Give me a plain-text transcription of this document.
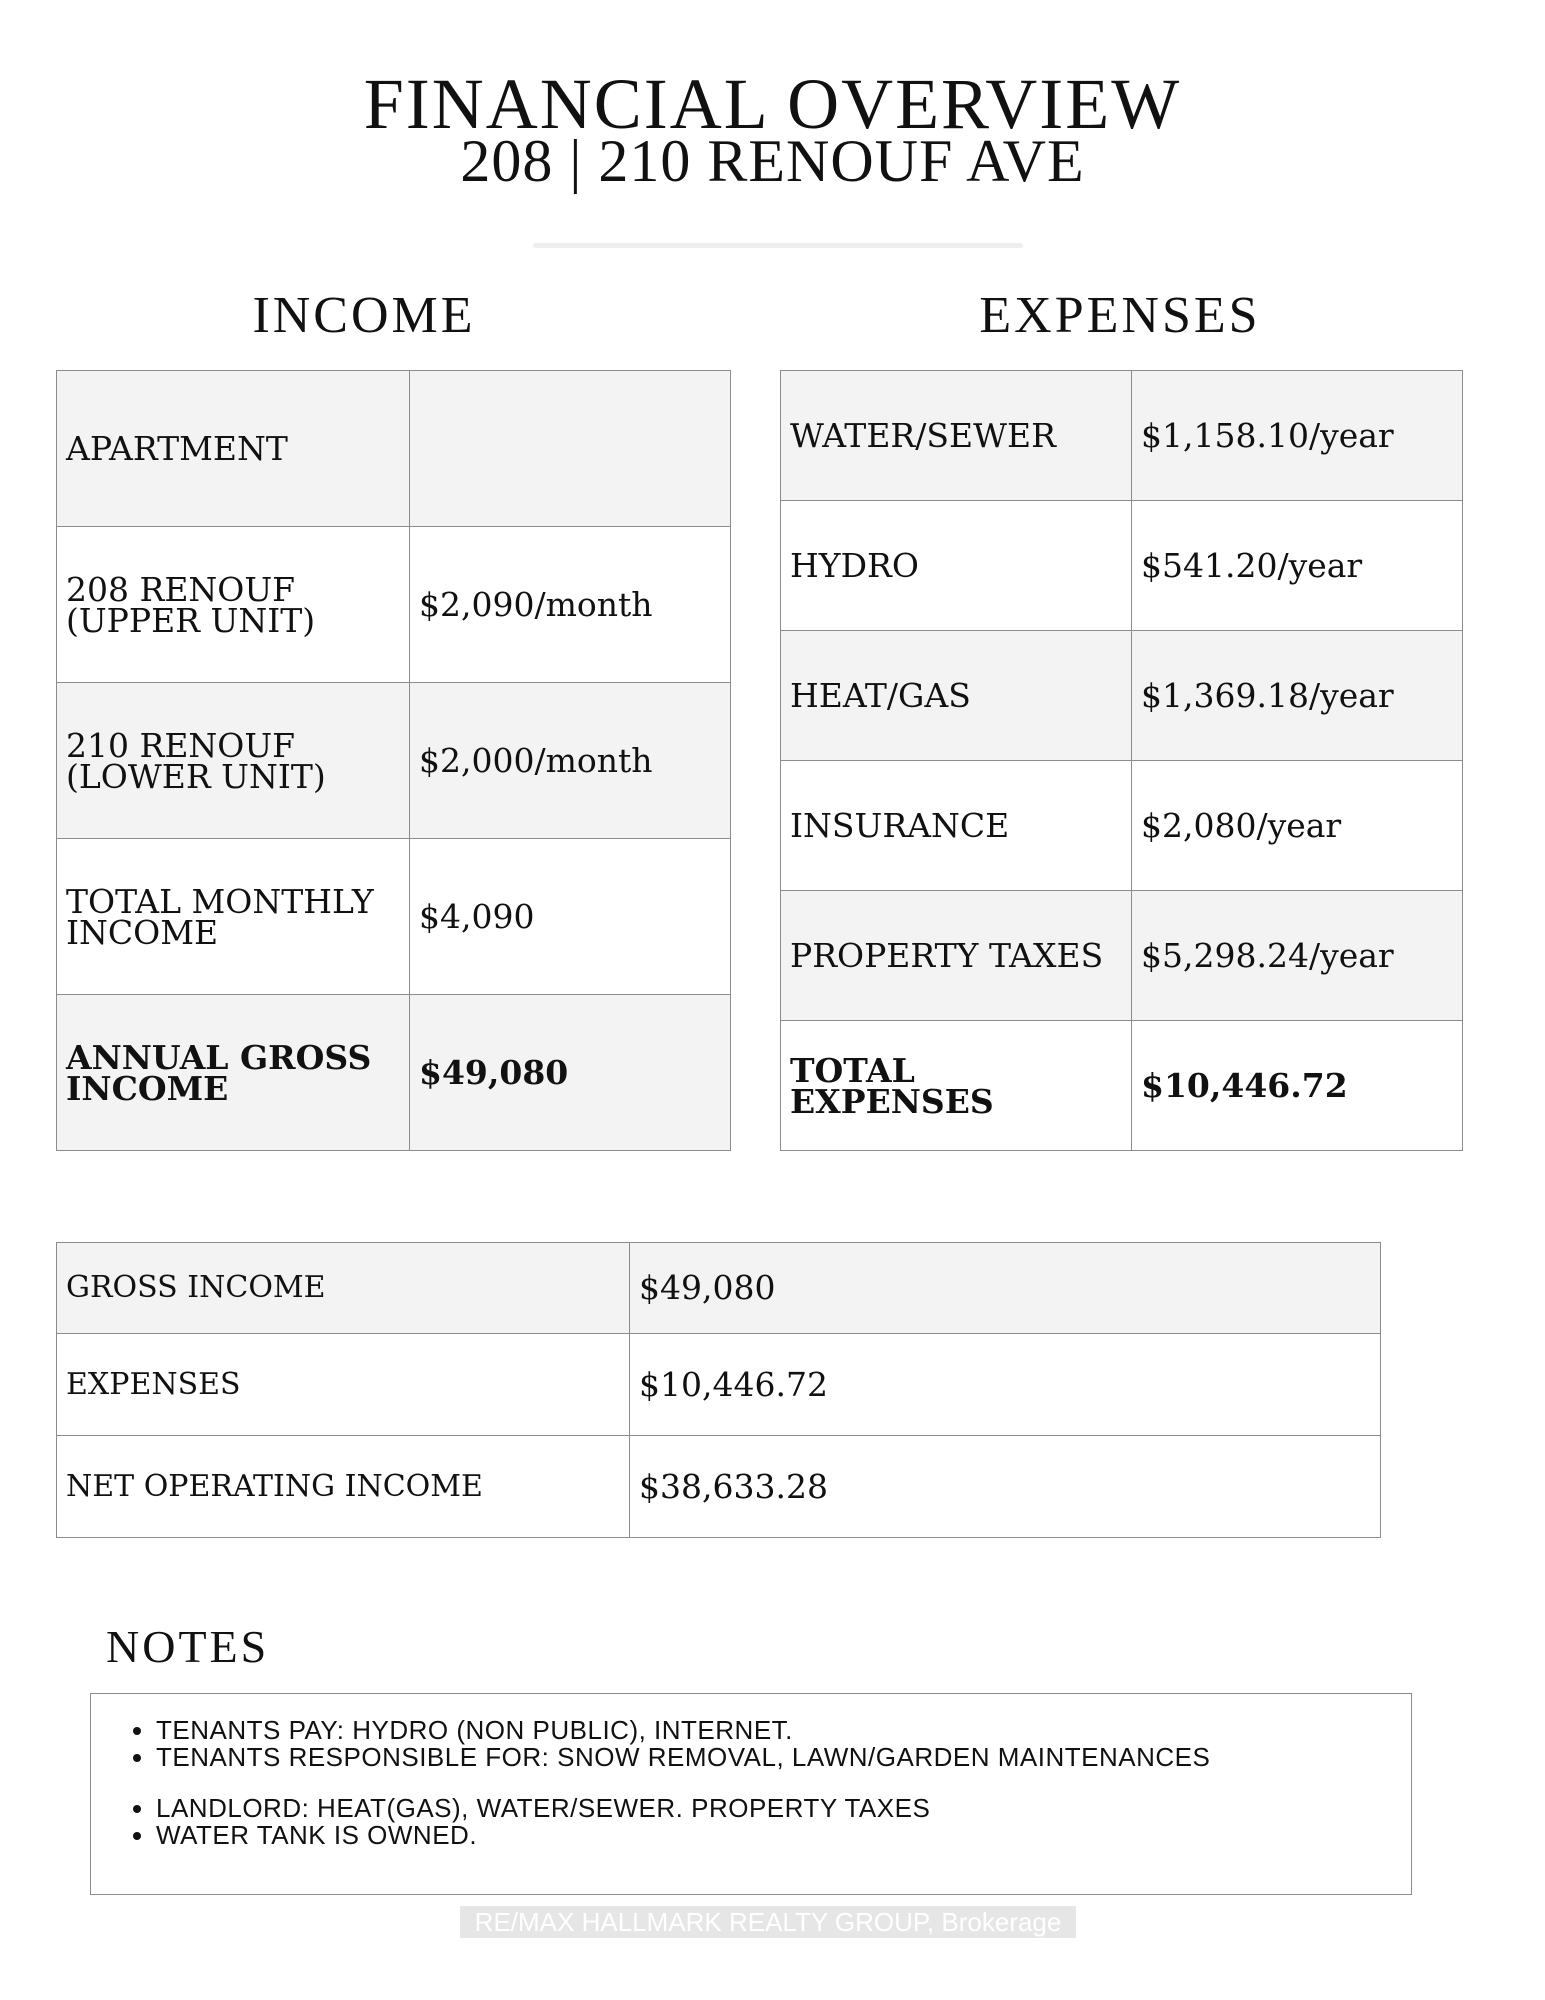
FINANCIAL OVERVIEW
208 | 210 RENOUF AVE
INCOME	EXPENSES
APARTMENT	
208 RENOUF (UPPER UNIT)	$2,090/month
210 RENOUF (LOWER UNIT)	$2,000/month
TOTAL MONTHLY INCOME	$4,090
ANNUAL GROSS INCOME	$49,080
WATER/SEWER	$1,158.10/year
HYDRO	$541.20/year
HEAT/GAS	$1,369.18/year
INSURANCE	$2,080/year
PROPERTY TAXES	$5,298.24/year
TOTAL EXPENSES	$10,446.72
GROSS INCOME	$49,080
EXPENSES	$10,446.72
NET OPERATING INCOME	$38,633.28
NOTES
• TENANTS PAY: HYDRO (NON PUBLIC), INTERNET.
• TENANTS RESPONSIBLE FOR: SNOW REMOVAL, LAWN/GARDEN MAINTENANCES
• LANDLORD: HEAT(GAS), WATER/SEWER. PROPERTY TAXES
• WATER TANK IS OWNED.
RE/MAX HALLMARK REALTY GROUP, Brokerage
